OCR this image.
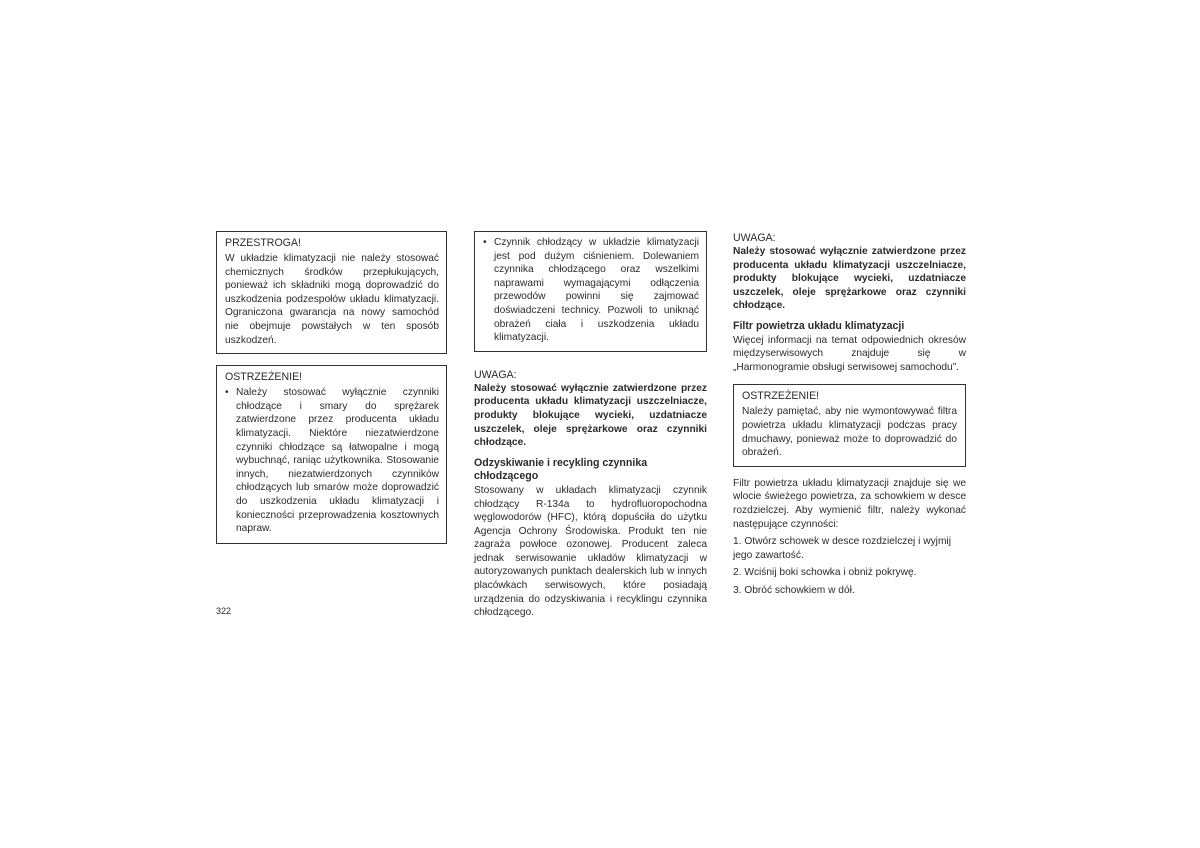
PRZESTROGA!

W układzie klimatyzacji nie należy stosować chemicznych środków przepłukujących, ponieważ ich składniki mogą doprowadzić do uszkodzenia podzespołów układu klimatyzacji. Ograniczona gwarancja na nowy samochód nie obejmuje powstałych w ten sposób uszkodzeń.

OSTRZEŻENIE!
• Należy stosować wyłącznie czynniki chłodzące i smary do sprężarek zatwierdzone przez producenta układu klimatyzacji. Niektóre niezatwierdzone czynniki chłodzące są łatwopalne i mogą wybuchnąć, raniąc użytkownika. Stosowanie innych, niezatwierdzonych czynników chłodzących lub smarów może doprowadzić do uszkodzenia układu klimatyzacji i konieczności przeprowadzenia kosztownych napraw.

• Czynnik chłodzący w układzie klimatyzacji jest pod dużym ciśnieniem. Dolewaniem czynnika chłodzącego oraz wszelkimi naprawami wymagającymi odłączenia przewodów powinni się zajmować doświadczeni technicy. Pozwoli to uniknąć obrażeń ciała i uszkodzenia układu klimatyzacji.

UWAGA:

Należy stosować wyłącznie zatwierdzone przez producenta układu klimatyzacji uszczelniacze, produkty blokujące wycieki, uzdatniacze uszczelek, oleje sprężarkowe oraz czynniki chłodzące.

Odzyskiwanie i recykling czynnika chłodzącego

Stosowany w układach klimatyzacji czynnik chłodzący R-134a to hydrofluoropochodna węglowodorów (HFC), którą dopuściła do użytku Agencja Ochrony Środowiska. Produkt ten nie zagraża powłoce ozonowej. Producent zaleca jednak serwisowanie układów klimatyzacji w autoryzowanych punktach dealerskich lub w innych placówkach serwisowych, które posiadają urządzenia do odzyskiwania i recyklingu czynnika chłodzącego.

UWAGA:

Należy stosować wyłącznie zatwierdzone przez producenta układu klimatyzacji uszczelniacze, produkty blokujące wycieki, uzdatniacze uszczelek, oleje sprężarkowe oraz czynniki chłodzące.

Filtr powietrza układu klimatyzacji

Więcej informacji na temat odpowiednich okresów międzyserwisowych znajduje się w „Harmonogramie obsługi serwisowej samochodu”.

OSTRZEŻENIE!

Należy pamiętać, aby nie wymontowywać filtra powietrza układu klimatyzacji podczas pracy dmuchawy, ponieważ może to doprowadzić do obrażeń.

Filtr powietrza układu klimatyzacji znajduje się we wlocie świeżego powietrza, za schowkiem w desce rozdzielczej. Aby wymienić filtr, należy wykonać następujące czynności:

1. Otwórz schowek w desce rozdzielczej i wyjmij jego zawartość.

2. Wciśnij boki schowka i obniż pokrywę.

3. Obróć schowkiem w dół.

322
